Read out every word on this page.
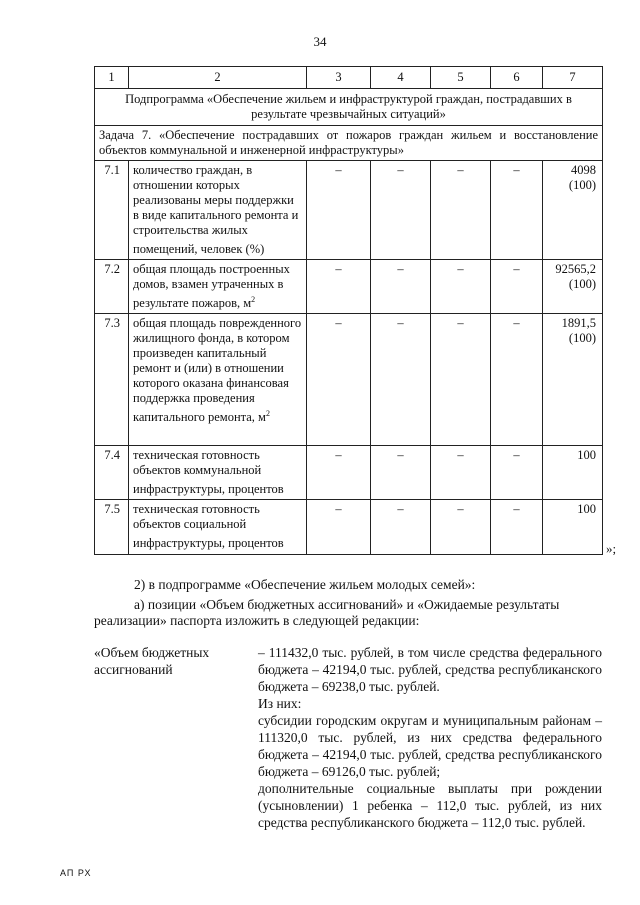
34
1	2	3	4	5	6	7
Подпрограмма «Обеспечение жильем и инфраструктурой граждан, пострадавших в результате чрезвычайных ситуаций»						
Задача 7. «Обеспечение пострадавших от пожаров граждан жильем и восстановление объектов коммунальной и инженерной инфраструктуры»						
7.1	количество граждан, в отношении которых реализованы меры поддержки в виде капитального ремонта и строительства жилых помещений, человек (%)	–	–	–	–	4098 (100)
7.2	общая площадь построенных домов, взамен утраченных в результате пожаров, $м^2$	–	–	–	–	92565,2 (100)
7.3	общая площадь поврежденного жилищного фонда, в котором произведен капитальный ремонт и (или) в отношении которого оказана финансовая поддержка проведения капитального ремонта, $м^2$	–	–	–	–	1891,5 (100)
7.4	техническая готовность объектов коммунальной инфраструктуры, процентов	–	–	–	–	100
7.5	техническая готовность объектов социальной инфраструктуры, процентов	–	–	–	–	100
»;
2) в подпрограмме «Обеспечение жильем молодых семей»:
а) позиции «Объем бюджетных ассигнований» и «Ожидаемые результаты
реализации» паспорта изложить в следующей редакции:
«Объем бюджетных ассигнований

– 111432,0 тыс. рублей, в том числе средства федерального бюджета – 42194,0 тыс. рублей, средства республиканского бюджета – 69238,0 тыс. рублей.

Из них:

субсидии городским округам и муниципальным районам – 111320,0 тыс. рублей, из них средства федерального бюджета – 42194,0 тыс. рублей, средства республиканского бюджета – 69126,0 тыс. рублей;

дополнительные социальные выплаты при рождении (усыновлении) 1 ребенка – 112,0 тыс. рублей, из них средства республиканского бюджета – 112,0 тыс. рублей.

АП РХ
